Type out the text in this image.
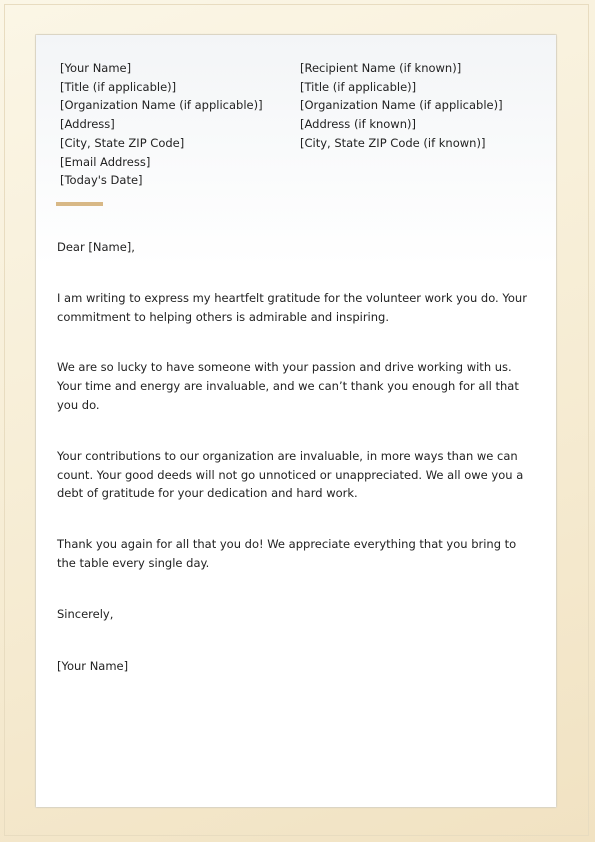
[Your Name]
[Title (if applicable)]
[Organization Name (if applicable)]
[Address]
[City, State ZIP Code]
[Email Address]
[Today's Date]
[Recipient Name (if known)]
[Title (if applicable)]
[Organization Name (if applicable)]
[Address (if known)]
[City, State ZIP Code (if known)]

Dear [Name],

I am writing to express my heartfelt gratitude for the volunteer work you do. Your commitment to helping others is admirable and inspiring.

We are so lucky to have someone with your passion and drive working with us. Your time and energy are invaluable, and we can’t thank you enough for all that you do.

Your contributions to our organization are invaluable, in more ways than we can count. Your good deeds will not go unnoticed or unappreciated. We all owe you a debt of gratitude for your dedication and hard work.

Thank you again for all that you do! We appreciate everything that you bring to the table every single day.

Sincerely,

[Your Name]
